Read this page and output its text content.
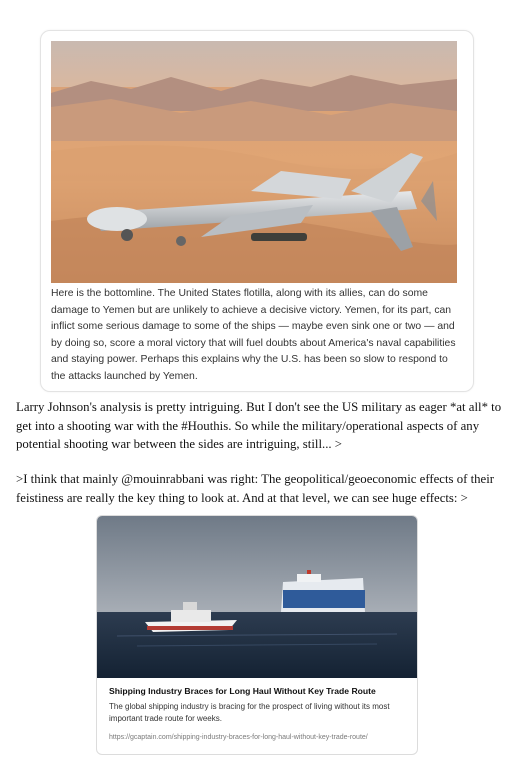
Here is the bottomline. The United States flotilla, along with its allies, can do some damage to Yemen but are unlikely to achieve a decisive victory. Yemen, for its part, can inflict some serious damage to some of the ships — maybe even sink one or two — and by doing so, score a moral victory that will fuel doubts about America's naval capabilities and staying power. Perhaps this explains why the U.S. has been so slow to respond to the attacks launched by Yemen.
Larry Johnson's analysis is pretty intriguing. But I don't see the US military as eager *at all* to get into a shooting war with the #Houthis. So while the military/operational aspects of any potential shooting war between the sides are intriguing, still... >
>I think that mainly @mouinrabbani was right: The geopolitical/geoeconomic effects of their feistiness are really the key thing to look at. And at that level, we can see huge effects: >
Shipping Industry Braces for Long Haul Without Key Trade Route
The global shipping industry is bracing for the prospect of living without its most important trade route for weeks.
https://gcaptain.com/shipping-industry-braces-for-long-haul-without-key-trade-route/
